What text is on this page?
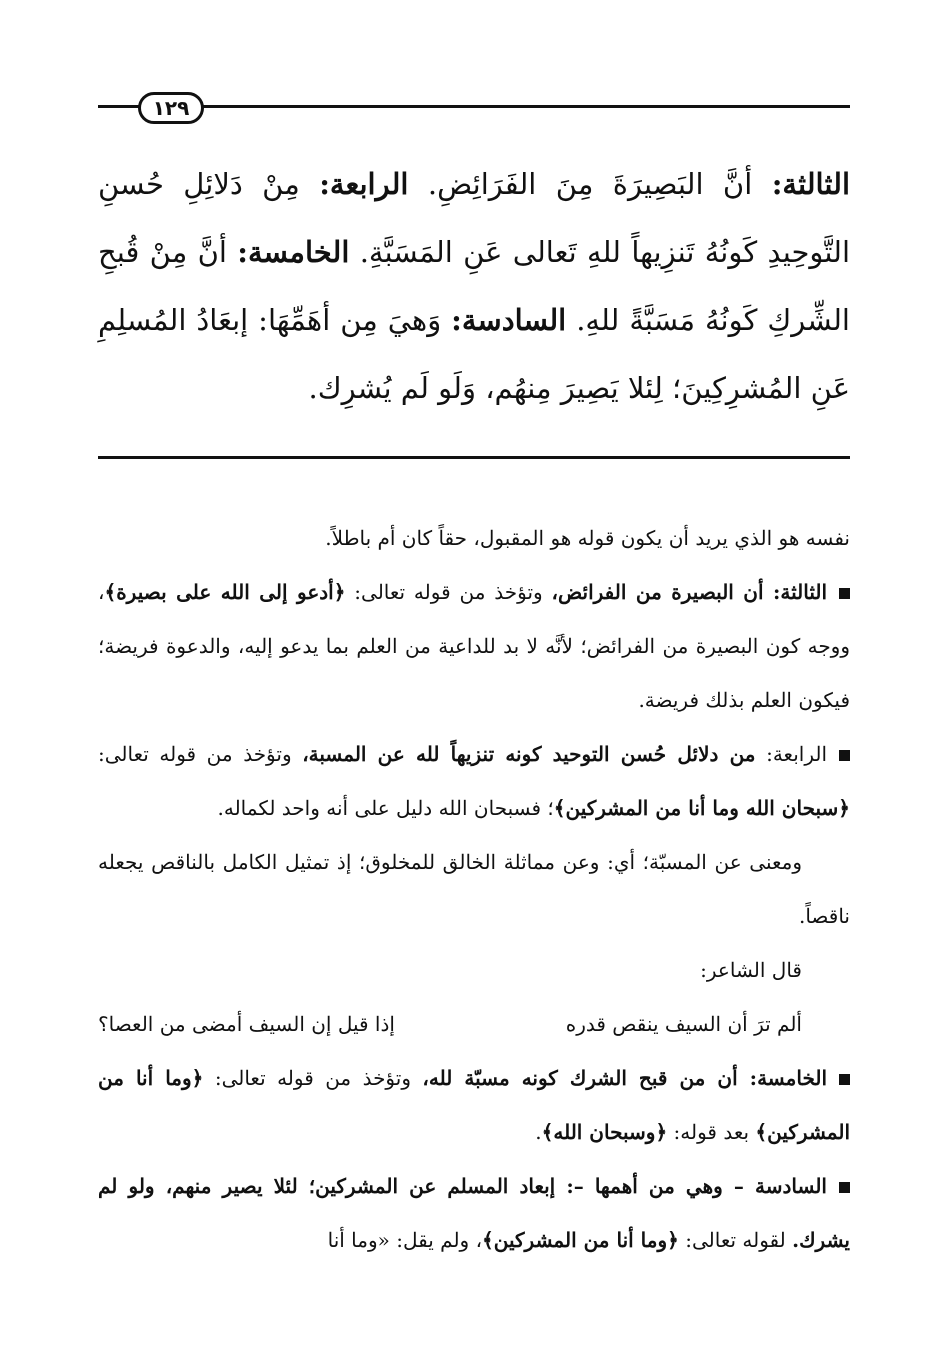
١٢٩

الثالثة: أنَّ البَصِيرَةَ مِنَ الفَرَائِضِ. الرابعة: مِنْ دَلائِلِ حُسنِ التَّوحِيدِ كَونُهُ تَنزِيهاً للهِ تَعالى عَنِ المَسَبَّةِ. الخامسة: أنَّ مِنْ قُبحِ الشِّركِ كَونُهُ مَسَبَّةً للهِ. السادسة: وَهيَ مِن أهَمِّهَا: إبعَادُ المُسلِمِ عَنِ المُشرِكِينَ؛ لِئلا يَصِيرَ مِنهُم، وَلَو لَم يُشرِك.

نفسه هو الذي يريد أن يكون قوله هو المقبول، حقاً كان أم باطلاً.

الثالثة: أن البصيرة من الفرائض، وتؤخذ من قوله تعالى: ﴿أدعو إلى الله على بصيرة﴾، ووجه كون البصيرة من الفرائض؛ لأنَّه لا بد للداعية من العلم بما يدعو إليه، والدعوة فريضة؛ فيكون العلم بذلك فريضة.

الرابعة: من دلائل حُسن التوحيد كونه تنزيهاً لله عن المسبة، وتؤخذ من قوله تعالى: ﴿سبحان الله وما أنا من المشركين﴾؛ فسبحان الله دليل على أنه واحد لكماله.

ومعنى عن المسبّة؛ أي: وعن مماثلة الخالق للمخلوق؛ إذ تمثيل الكامل بالناقص يجعله ناقصاً.

قال الشاعر:

ألم ترَ أن السيف ينقص قدره
إذا قيل إن السيف أمضى من العصا؟

الخامسة: أن من قبح الشرك كونه مسبّة لله، وتؤخذ من قوله تعالى: ﴿وما أنا من المشركين﴾ بعد قوله: ﴿وسبحان الله﴾.

السادسة – وهي من أهمها –: إبعاد المسلم عن المشركين؛ لئلا يصير منهم، ولو لم يشرك. لقوله تعالى: ﴿وما أنا من المشركين﴾، ولم يقل: «وما أنا
